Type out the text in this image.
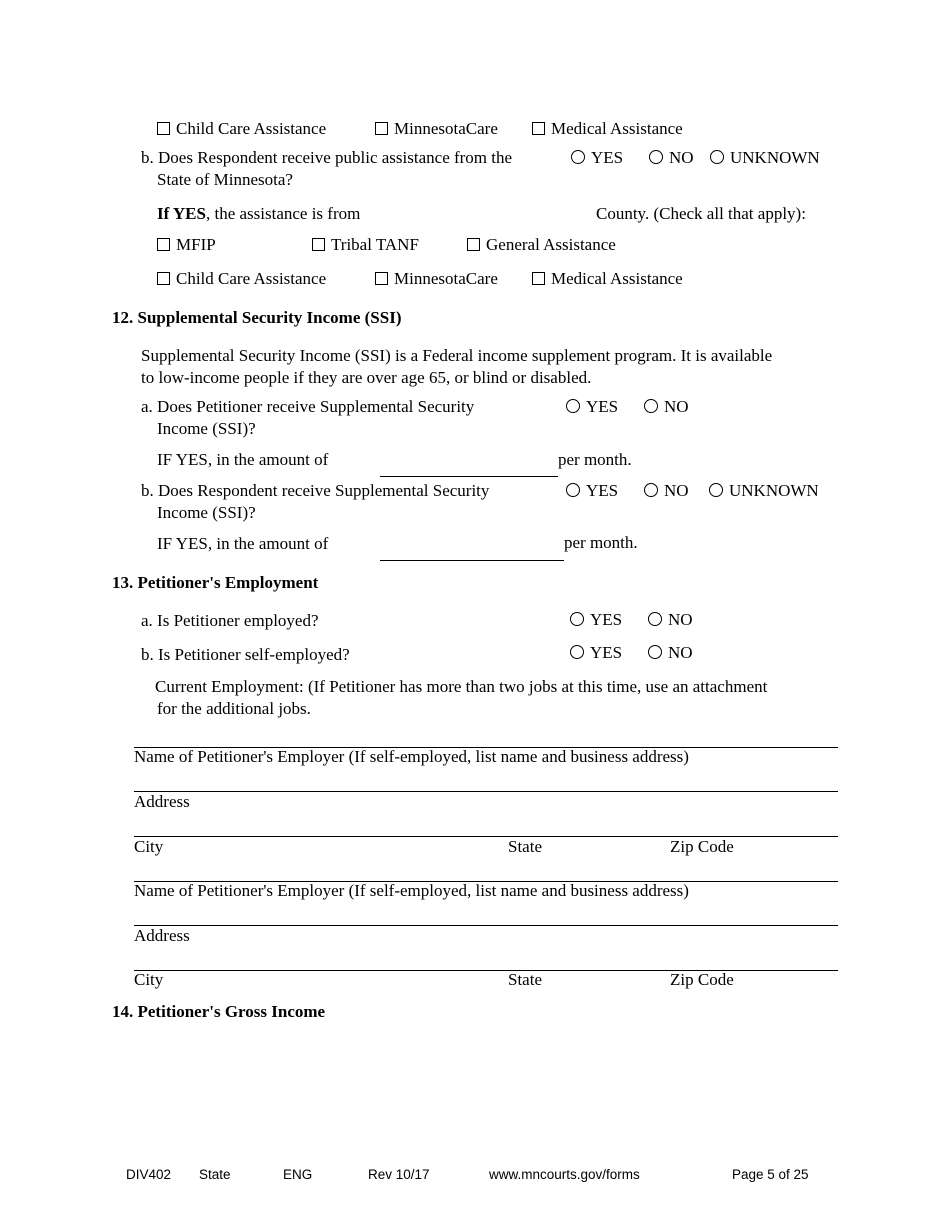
Child Care Assistance	MinnesotaCare	Medical Assistance
b. Does Respondent receive public assistance from the
State of Minnesota?
YES	NO	UNKNOWN
If YES, the assistance is from	County. (Check all that apply):
MFIP	Tribal TANF	General Assistance
Child Care Assistance	MinnesotaCare	Medical Assistance
12. Supplemental Security Income (SSI)
Supplemental Security Income (SSI) is a Federal income supplement program. It is available
to low-income people if they are over age 65, or blind or disabled.
a. Does Petitioner receive Supplemental Security
Income (SSI)?
YES	NO
IF YES, in the amount of	per month.
b. Does Respondent receive Supplemental Security
Income (SSI)?
YES	NO	UNKNOWN
IF YES, in the amount of	per month.
13. Petitioner's Employment
a. Is Petitioner employed?	YES	NO
b. Is Petitioner self-employed?	YES	NO
Current Employment: (If Petitioner has more than two jobs at this time, use an attachment
for the additional jobs.
Name of Petitioner's Employer (If self-employed, list name and business address)
Address
City	State	Zip Code
Name of Petitioner's Employer (If self-employed, list name and business address)
Address
City	State	Zip Code
14. Petitioner's Gross Income
DIV402 State	ENG	Rev 10/17	www.mncourts.gov/forms	Page 5 of 25
